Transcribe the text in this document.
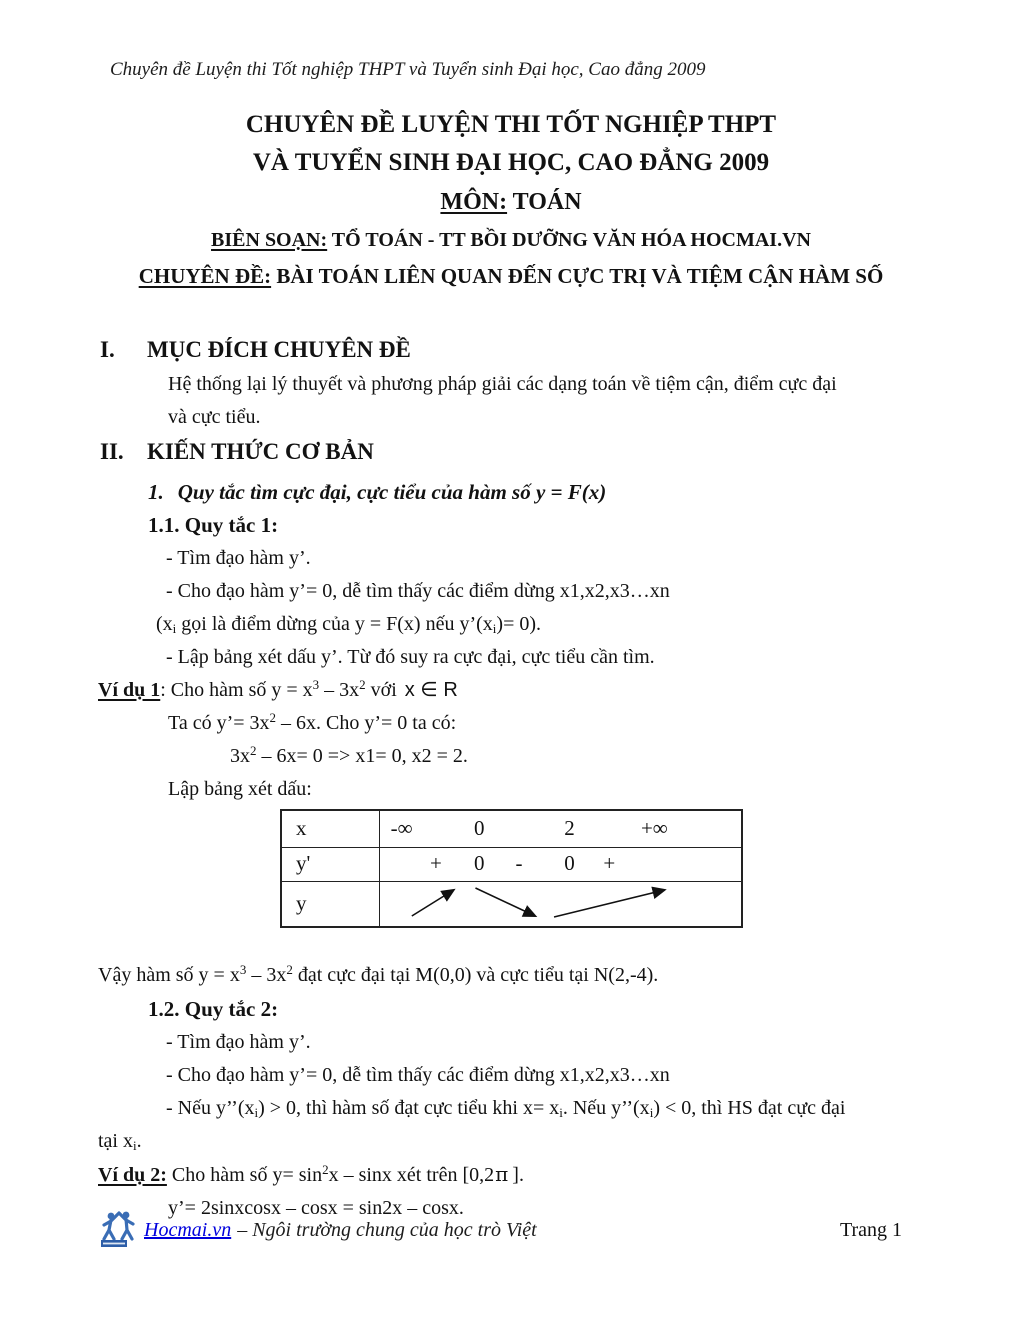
Chuyên đề Luyện thi Tốt nghiệp THPT và Tuyển sinh Đại học, Cao đẳng 2009
CHUYÊN ĐỀ LUYỆN THI TỐT NGHIỆP THPT
VÀ TUYỂN SINH ĐẠI HỌC, CAO ĐẲNG 2009
MÔN: TOÁN
BIÊN SOẠN: TỔ TOÁN - TT BỒI DƯỠNG VĂN HÓA HOCMAI.VN
CHUYÊN ĐỀ: BÀI TOÁN LIÊN QUAN ĐẾN CỰC TRỊ VÀ TIỆM CẬN HÀM SỐ
I.	MỤC ĐÍCH CHUYÊN ĐỀ
Hệ thống lại lý thuyết và phương pháp giải các dạng toán về tiệm cận, điểm cực đại
và cực tiểu.
II.	KIẾN THỨC CƠ BẢN
1. Quy tắc tìm cực đại, cực tiểu của hàm số y = F(x)
1.1. Quy tắc 1:
- Tìm đạo hàm y’.
- Cho đạo hàm y’= 0, dễ tìm thấy các điểm dừng x1,x2,x3…xn
($x_i$ gọi là điểm dừng của y = F(x) nếu $y’(x_i)= 0$).
- Lập bảng xét dấu y’. Từ đó suy ra cực đại, cực tiểu cần tìm.
Ví dụ 1: Cho hàm số $y = x^3 - 3x^2$ với x ∈ R
Ta có y’= $3x^2 - 6x$. Cho y’= 0 ta có:
$3x^2 - 6x= 0 => x1= 0$, x2 = 2.
Lập bảng xét dấu:
x	-∞	0	2	+∞
y'	+ 0 - 0 +
y
Vậy hàm số $y = x^3 - 3x^2$ đạt cực đại tại M(0,0) và cực tiểu tại N(2,-4).
1.2. Quy tắc 2:
- Tìm đạo hàm y’.
- Cho đạo hàm y’= 0, dễ tìm thấy các điểm dừng x1,x2,x3…xn
- Nếu $y’’(x_i) > 0$, thì hàm số đạt cực tiểu khi $x= x_i$. Nếu $y’’(x_i) < 0$, thì HS đạt cực đại
tại $x_i$.
Ví dụ 2: Cho hàm số $y= \sin^2x - \sin x$ xét trên [0,2π ].
y’= 2sinxcosx – cosx = sin2x – cosx.
Hocmai.vn – Ngôi trường chung của học trò Việt	Trang 1
